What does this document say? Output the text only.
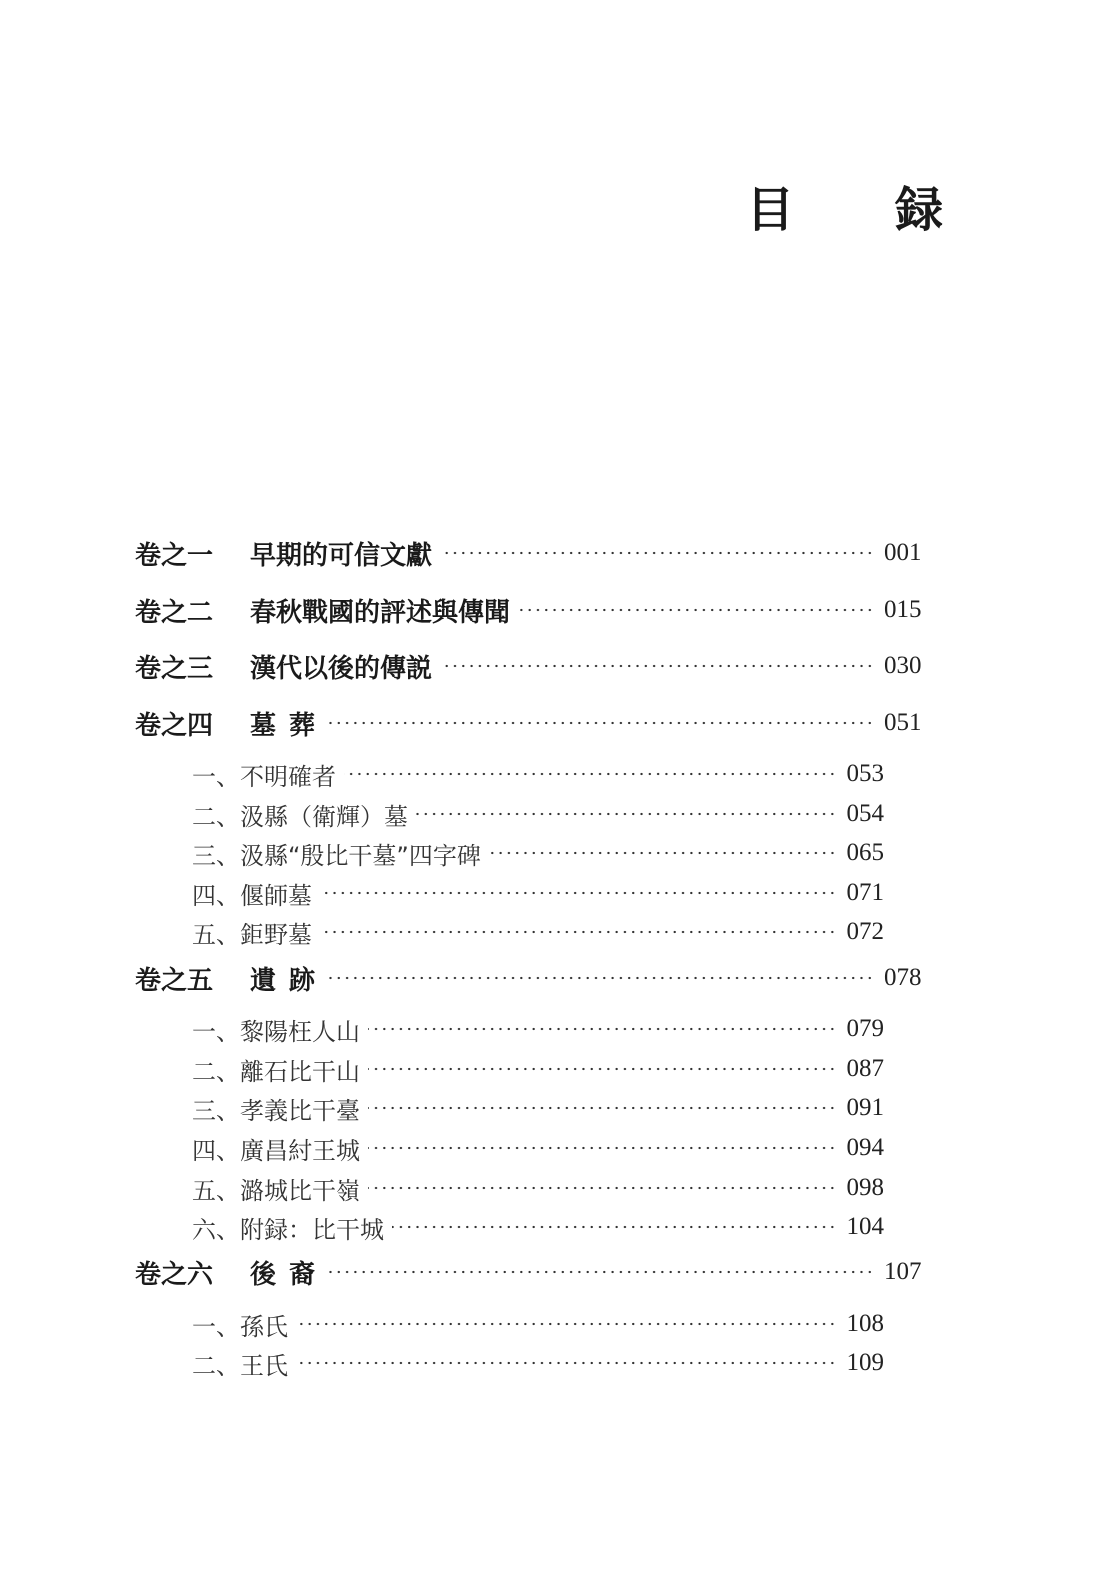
目 録
卷之一 早期的可信文獻	001
卷之二 春秋戰國的評述與傳聞	015
卷之三 漢代以後的傳説	030
卷之四 墓 葬	051
一、不明確者	053
二、汲縣（衛輝）墓	054
三、汲縣“殷比干墓”四字碑	065
四、偃師墓	071
五、鉅野墓	072
卷之五 遺 跡	078
一、黎陽枉人山	079
二、離石比干山	087
三、孝義比干臺	091
四、廣昌紂王城	094
五、潞城比干嶺	098
六、附録：比干城	104
卷之六 後 裔	107
一、孫氏	108
二、王氏	109
